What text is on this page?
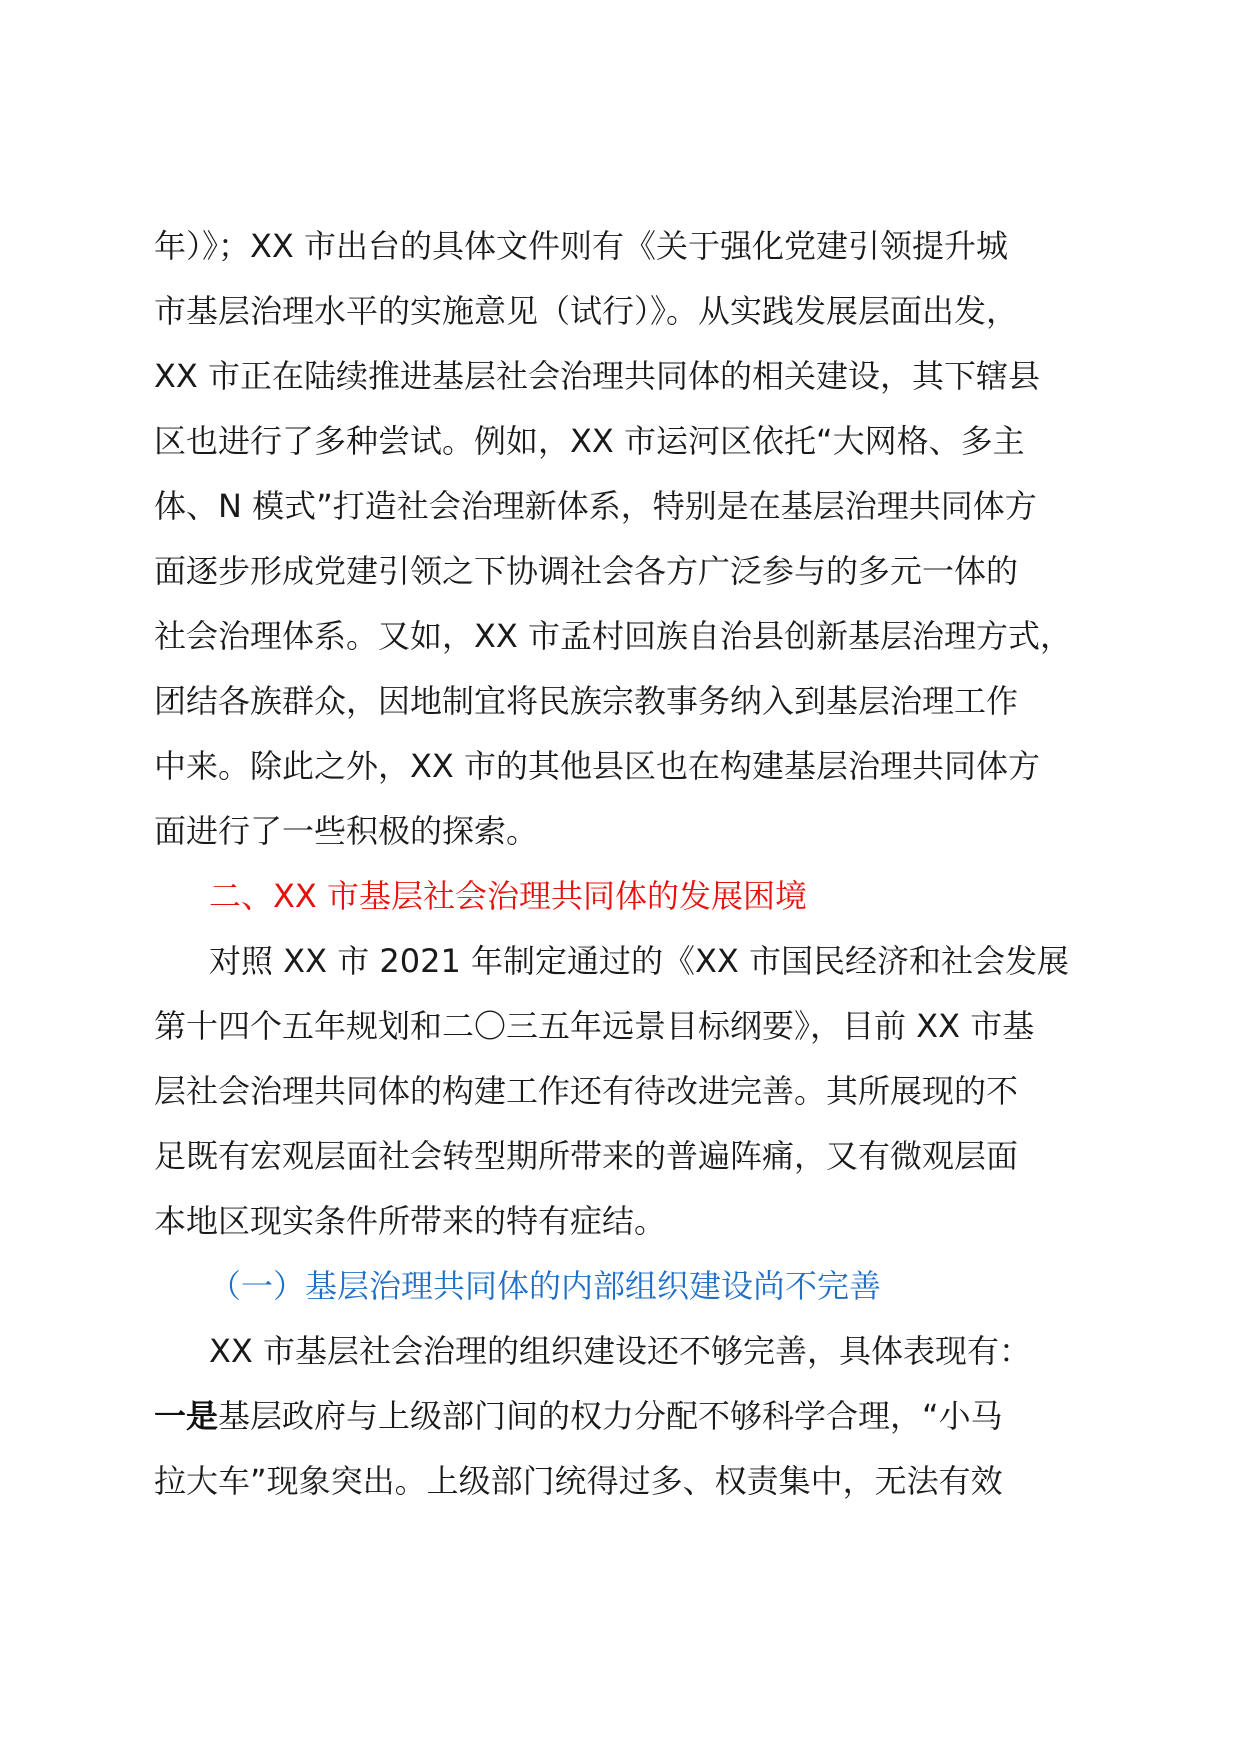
年）》；XX 市出台的具体文件则有《关于强化党建引领提升城
市基层治理水平的实施意见（试行）》。从实践发展层面出发，
XX 市正在陆续推进基层社会治理共同体的相关建设，其下辖县
区也进行了多种尝试。例如，XX 市运河区依托“大网格、多主
体、N 模式”打造社会治理新体系，特别是在基层治理共同体方
面逐步形成党建引领之下协调社会各方广泛参与的多元一体的
社会治理体系。又如，XX 市孟村回族自治县创新基层治理方式，
团结各族群众，因地制宜将民族宗教事务纳入到基层治理工作
中来。除此之外，XX 市的其他县区也在构建基层治理共同体方
面进行了一些积极的探索。
二、XX 市基层社会治理共同体的发展困境
对照 XX 市 2021 年制定通过的《XX 市国民经济和社会发展
第十四个五年规划和二〇三五年远景目标纲要》，目前 XX 市基
层社会治理共同体的构建工作还有待改进完善。其所展现的不
足既有宏观层面社会转型期所带来的普遍阵痛，又有微观层面
本地区现实条件所带来的特有症结。
（一）基层治理共同体的内部组织建设尚不完善
XX 市基层社会治理的组织建设还不够完善，具体表现有：
一是基层政府与上级部门间的权力分配不够科学合理，“小马
拉大车”现象突出。上级部门统得过多、权责集中，无法有效
